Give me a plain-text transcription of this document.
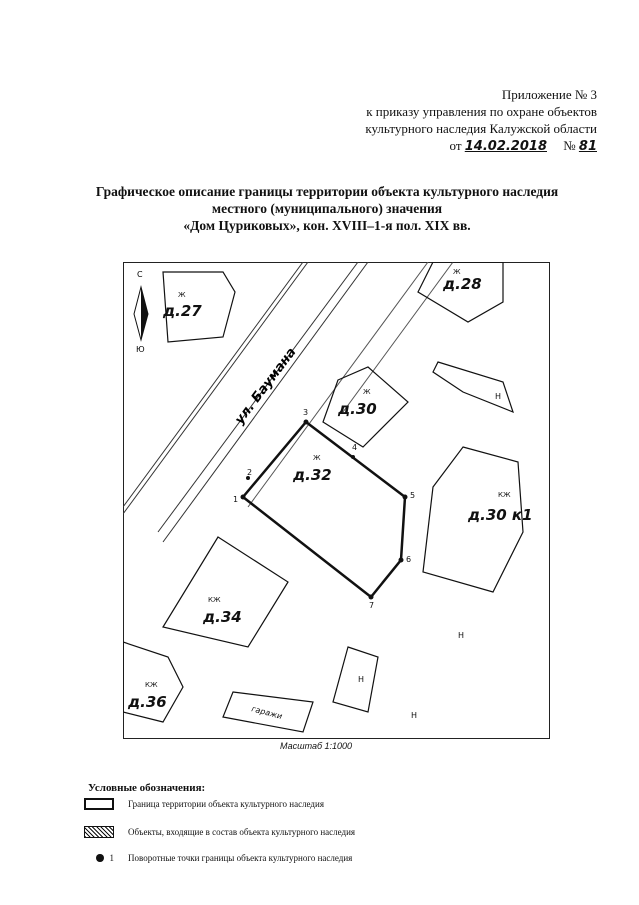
Приложение № 3
к приказу управления по охране объектов
культурного наследия Калужской области
от 14.02.2018 № 81
Графическое описание границы территории объекта культурного наследия
местного (муниципального) значения
«Дом Цуриковых», кон. XVIII–1-я пол. XIX вв.
С
Ю
1
2
3
4
5
6
7
ул. Баумана
Ж
д.27
Ж
д.28
Ж
д.30
Ж
д.32
КЖ
д.30 к1
КЖ
д.34
КЖ
д.36
Н
Н
Н
Н
гаражи
Масштаб 1:1000
Условные обозначения:
Граница территории объекта культурного наследия
Объекты, входящие в состав объекта культурного наследия
1 Поворотные точки границы объекта культурного наследия
